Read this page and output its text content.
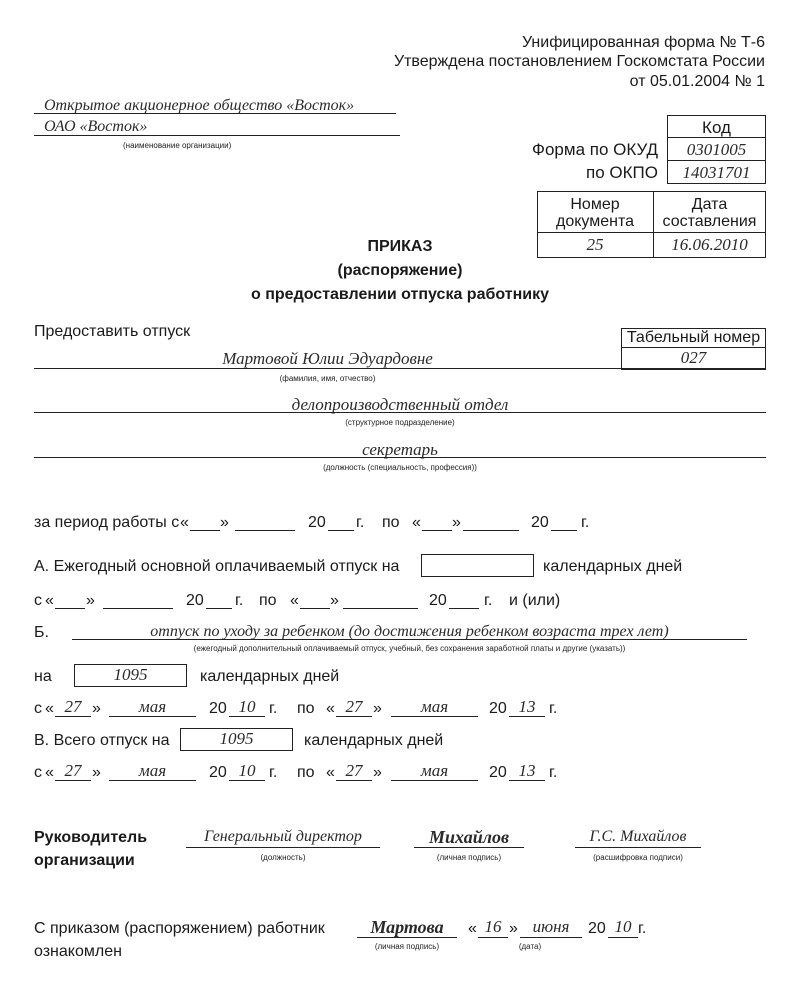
Унифицированная форма № Т-6
Утверждена постановлением Госкомстата России
от 05.01.2004 № 1
Открытое акционерное общество «Восток»
ОАО «Восток»
(наименование организации)
Код
Форма по ОКУД	0301005
по ОКПО	14031701
Номер
документа
Дата
составления
25	16.06.2010
ПРИКАЗ
(распоряжение)
о предоставлении отпуска работнику
Предоставить отпуск	Табельный номер
027
Мартовой Юлии Эдуардовне
(фамилия, имя, отчество)
делопроизводственный отдел
(структурное подразделение)
секретарь
(должность (специальность, профессия))
за период работы с « »	20 г. по « »	20 г.
А. Ежегодный основной оплачиваемый отпуск на	календарных дней
с « »	20 г. по « »	20 г. и (или)
Б.	отпуск по уходу за ребенком (до достижения ребенком возраста трех лет)
(ежегодный дополнительный оплачиваемый отпуск, учебный, без сохранения заработной платы и другие (указать))
на	1095	календарных дней
с « 27 »	мая	20 10 г. по « 27 »	мая	20 13 г.
В. Всего отпуск на	1095	календарных дней
с « 27 »	мая	20 10 г. по « 27 »	мая	20 13 г.
Руководитель
организации
Генеральный директор
(должность)
Михайлов
(личная подпись)
Г.С. Михайлов
(расшифровка подписи)
С приказом (распоряжением) работник
ознакомлен
Мартова
(личная подпись)
« 16 » июня
(дата)
20 10 г.
